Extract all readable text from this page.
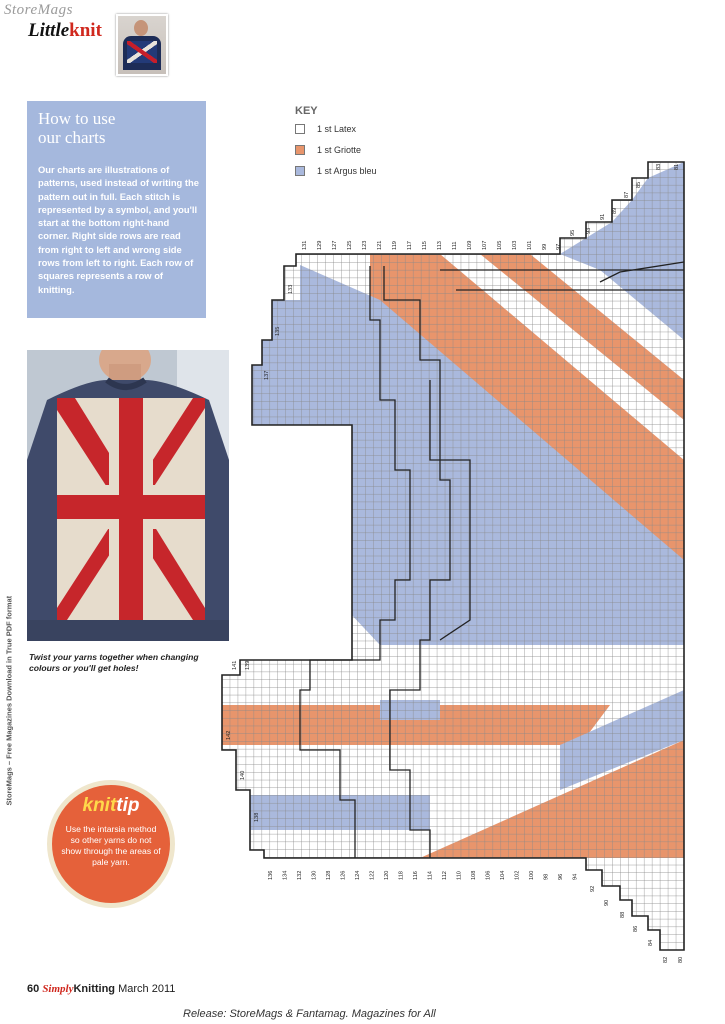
StoreMags
Littleknit
How to use
our charts
Our charts are illustrations of patterns, used instead of writing the pattern out in full. Each stitch is represented by a symbol, and you'll start at the bottom right-hand corner. Right side rows are read from right to left and wrong side rows from left to right. Each row of squares represents a row of knitting.
Twist your yarns together when changing colours or you'll get holes!
StoreMags – Free Magazines Download in True PDF format	knittip
Use the intarsia method so other yarns do not show through the areas of pale yarn.
KEY
1 st Latex
1 st Griotte
1 st Argus bleu
131 129 127 125 123 121 119 117 115 113 111 109 107 105 103 101 99 97
95 93
91
89
87
85
83 81
133
135
137
139
141
142
140
138
136 134 132 130 128 126 124 122 120 118 116 114 112 110 108 106 104 102 100 98 96 94
92
90
88
86
84
82 80
60 SimplyKnitting March 2011
Release: StoreMags & Fantamag. Magazines for All
